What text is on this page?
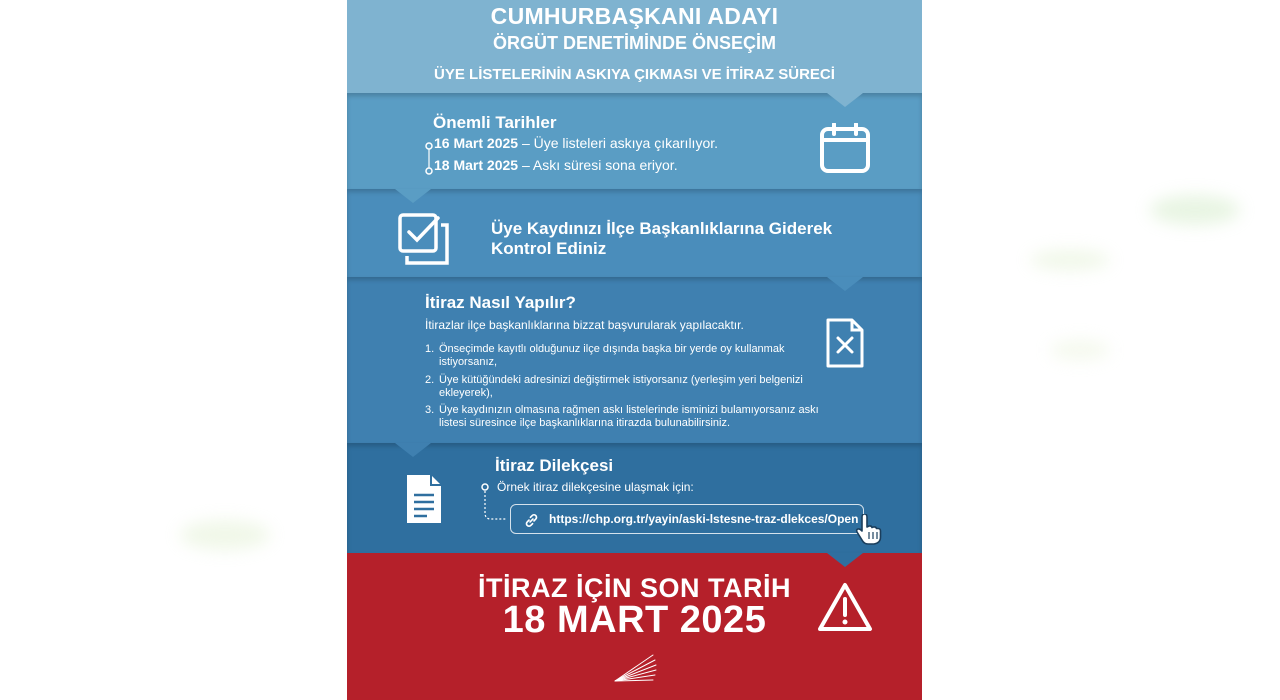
CUMHURBAŞKANI ADAYI
ÖRGÜT DENETİMİNDE ÖNSEÇİM
ÜYE LİSTELERİNİN ASKIYA ÇIKMASI VE İTİRAZ SÜRECİ
Önemli Tarihler
16 Mart 2025 – Üye listeleri askıya çıkarılıyor.
18 Mart 2025 – Askı süresi sona eriyor.
Üye Kaydınızı İlçe Başkanlıklarına Giderek
Kontrol Ediniz
İtiraz Nasıl Yapılır?
İtirazlar ilçe başkanlıklarına bizzat başvurularak yapılacaktır.
1. Önseçimde kayıtlı olduğunuz ilçe dışında başka bir yerde oy kullanmak
istiyorsanız,
2. Üye kütüğündeki adresinizi değiştirmek istiyorsanız (yerleşim yeri belgenizi
ekleyerek),
3. Üye kaydınızın olmasına rağmen askı listelerinde isminizi bulamıyorsanız askı
listesi süresince ilçe başkanlıklarına itirazda bulunabilirsiniz.
İtiraz Dilekçesi
Örnek itiraz dilekçesine ulaşmak için:
https://chp.org.tr/yayin/aski-lstesne-traz-dlekces/Open
İTİRAZ İÇİN SON TARİH
18 MART 2025
